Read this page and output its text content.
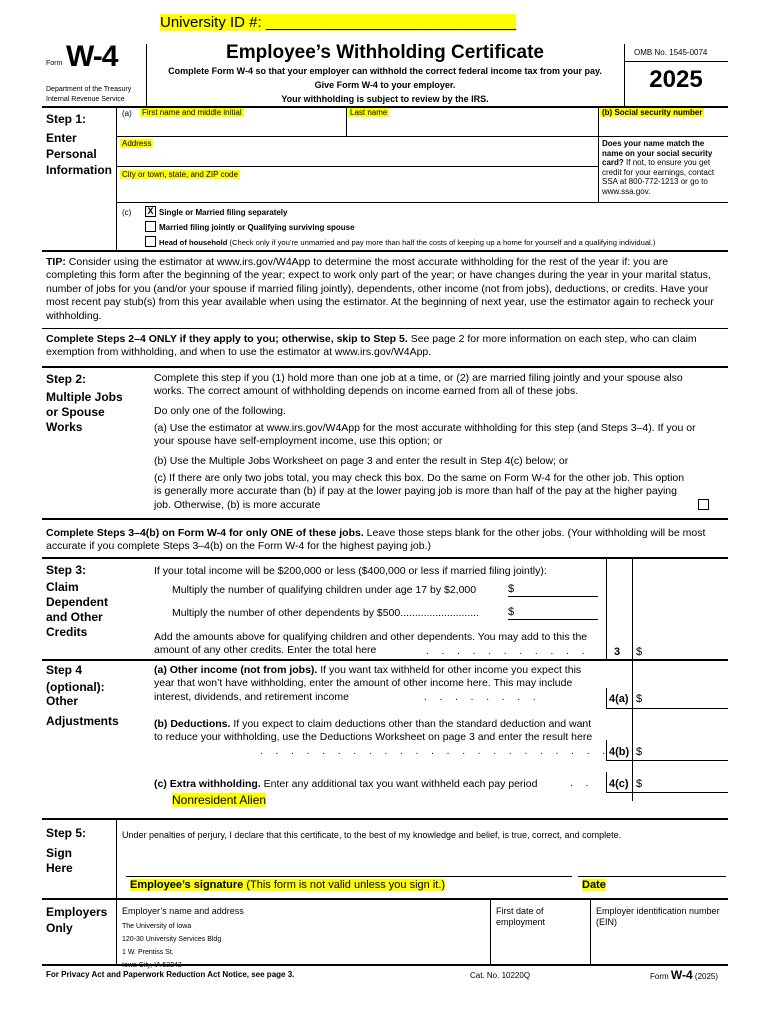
University ID #: ______________________________
Form W-4
Department of the Treasury
Internal Revenue Service
Employee’s Withholding Certificate
Complete Form W-4 so that your employer can withhold the correct federal income tax from your pay.
Give Form W-4 to your employer.
Your withholding is subject to review by the IRS.
OMB No. 1545-0074
2025
Step 1:
Enter
Personal
Information
(a) First name and middle initial	Last name	(b) Social security number
Address
City or town, state, and ZIP code
Does your name match the name on your social security card? If not, to ensure you get credit for your earnings, contact SSA at 800-772-1213 or go to www.ssa.gov.
(c) X Single or Married filing separately
Married filing jointly or Qualifying surviving spouse
Head of household (Check only if you’re unmarried and pay more than half the costs of keeping up a home for yourself and a qualifying individual.)
TIP: Consider using the estimator at www.irs.gov/W4App to determine the most accurate withholding for the rest of the year if: you are completing this form after the beginning of the year; expect to work only part of the year; or have changes during the year in your marital status, number of jobs for you (and/or your spouse if married filing jointly), dependents, other income (not from jobs), deductions, or credits. Have your most recent pay stub(s) from this year available when using the estimator. At the beginning of next year, use the estimator again to recheck your withholding.
Complete Steps 2–4 ONLY if they apply to you; otherwise, skip to Step 5. See page 2 for more information on each step, who can claim exemption from withholding, and when to use the estimator at www.irs.gov/W4App.
Step 2:
Multiple Jobs
or Spouse
Works
Complete this step if you (1) hold more than one job at a time, or (2) are married filing jointly and your spouse also works. The correct amount of withholding depends on income earned from all of these jobs.
Do only one of the following.
(a) Use the estimator at www.irs.gov/W4App for the most accurate withholding for this step (and Steps 3–4). If you or your spouse have self-employment income, use this option; or
(b) Use the Multiple Jobs Worksheet on page 3 and enter the result in Step 4(c) below; or
(c) If there are only two jobs total, you may check this box. Do the same on Form W-4 for the other job. This option is generally more accurate than (b) if pay at the lower paying job is more than half of the pay at the higher paying job. Otherwise, (b) is more accurate
Complete Steps 3–4(b) on Form W-4 for only ONE of these jobs. Leave those steps blank for the other jobs. (Your withholding will be most accurate if you complete Steps 3–4(b) on the Form W-4 for the highest paying job.)
Step 3:
Claim
Dependent
and Other
Credits
If your total income will be $200,000 or less ($400,000 or less if married filing jointly):
Multiply the number of qualifying children under age 17 by $2,000	$
Multiply the number of other dependents by $500...........................	$
Add the amounts above for qualifying children and other dependents. You may add to this the amount of any other credits. Enter the total here	. . . . . . . . . . . 3 $
Step 4
(optional):
Other
Adjustments
(a) Other income (not from jobs). If you want tax withheld for other income you expect this year that won’t have withholding, enter the amount of other income here. This may include interest, dividends, and retirement income	. . . . . . . .	4(a) $
(b) Deductions. If you expect to claim deductions other than the standard deduction and want to reduce your withholding, use the Deductions Worksheet on page 3 and enter the result here
. . . . . . . . . . . . . . . . . . . . . . .
4(b) $
(c) Extra withholding. Enter any additional tax you want withheld each pay period	. . 4(c) $
Nonresident Alien
Step 5:
Sign
Here
Under penalties of perjury, I declare that this certificate, to the best of my knowledge and belief, is true, correct, and complete.
Employee’s signature (This form is not valid unless you sign it.)	Date
Employers
Only
Employer’s name and address
The University of Iowa
120-30 University Services Bldg
1 W. Prentiss St.
Iowa City, IA 52242
First date of employment
Employer identification number (EIN)
For Privacy Act and Paperwork Reduction Act Notice, see page 3.	Cat. No. 10220Q	Form W-4 (2025)
